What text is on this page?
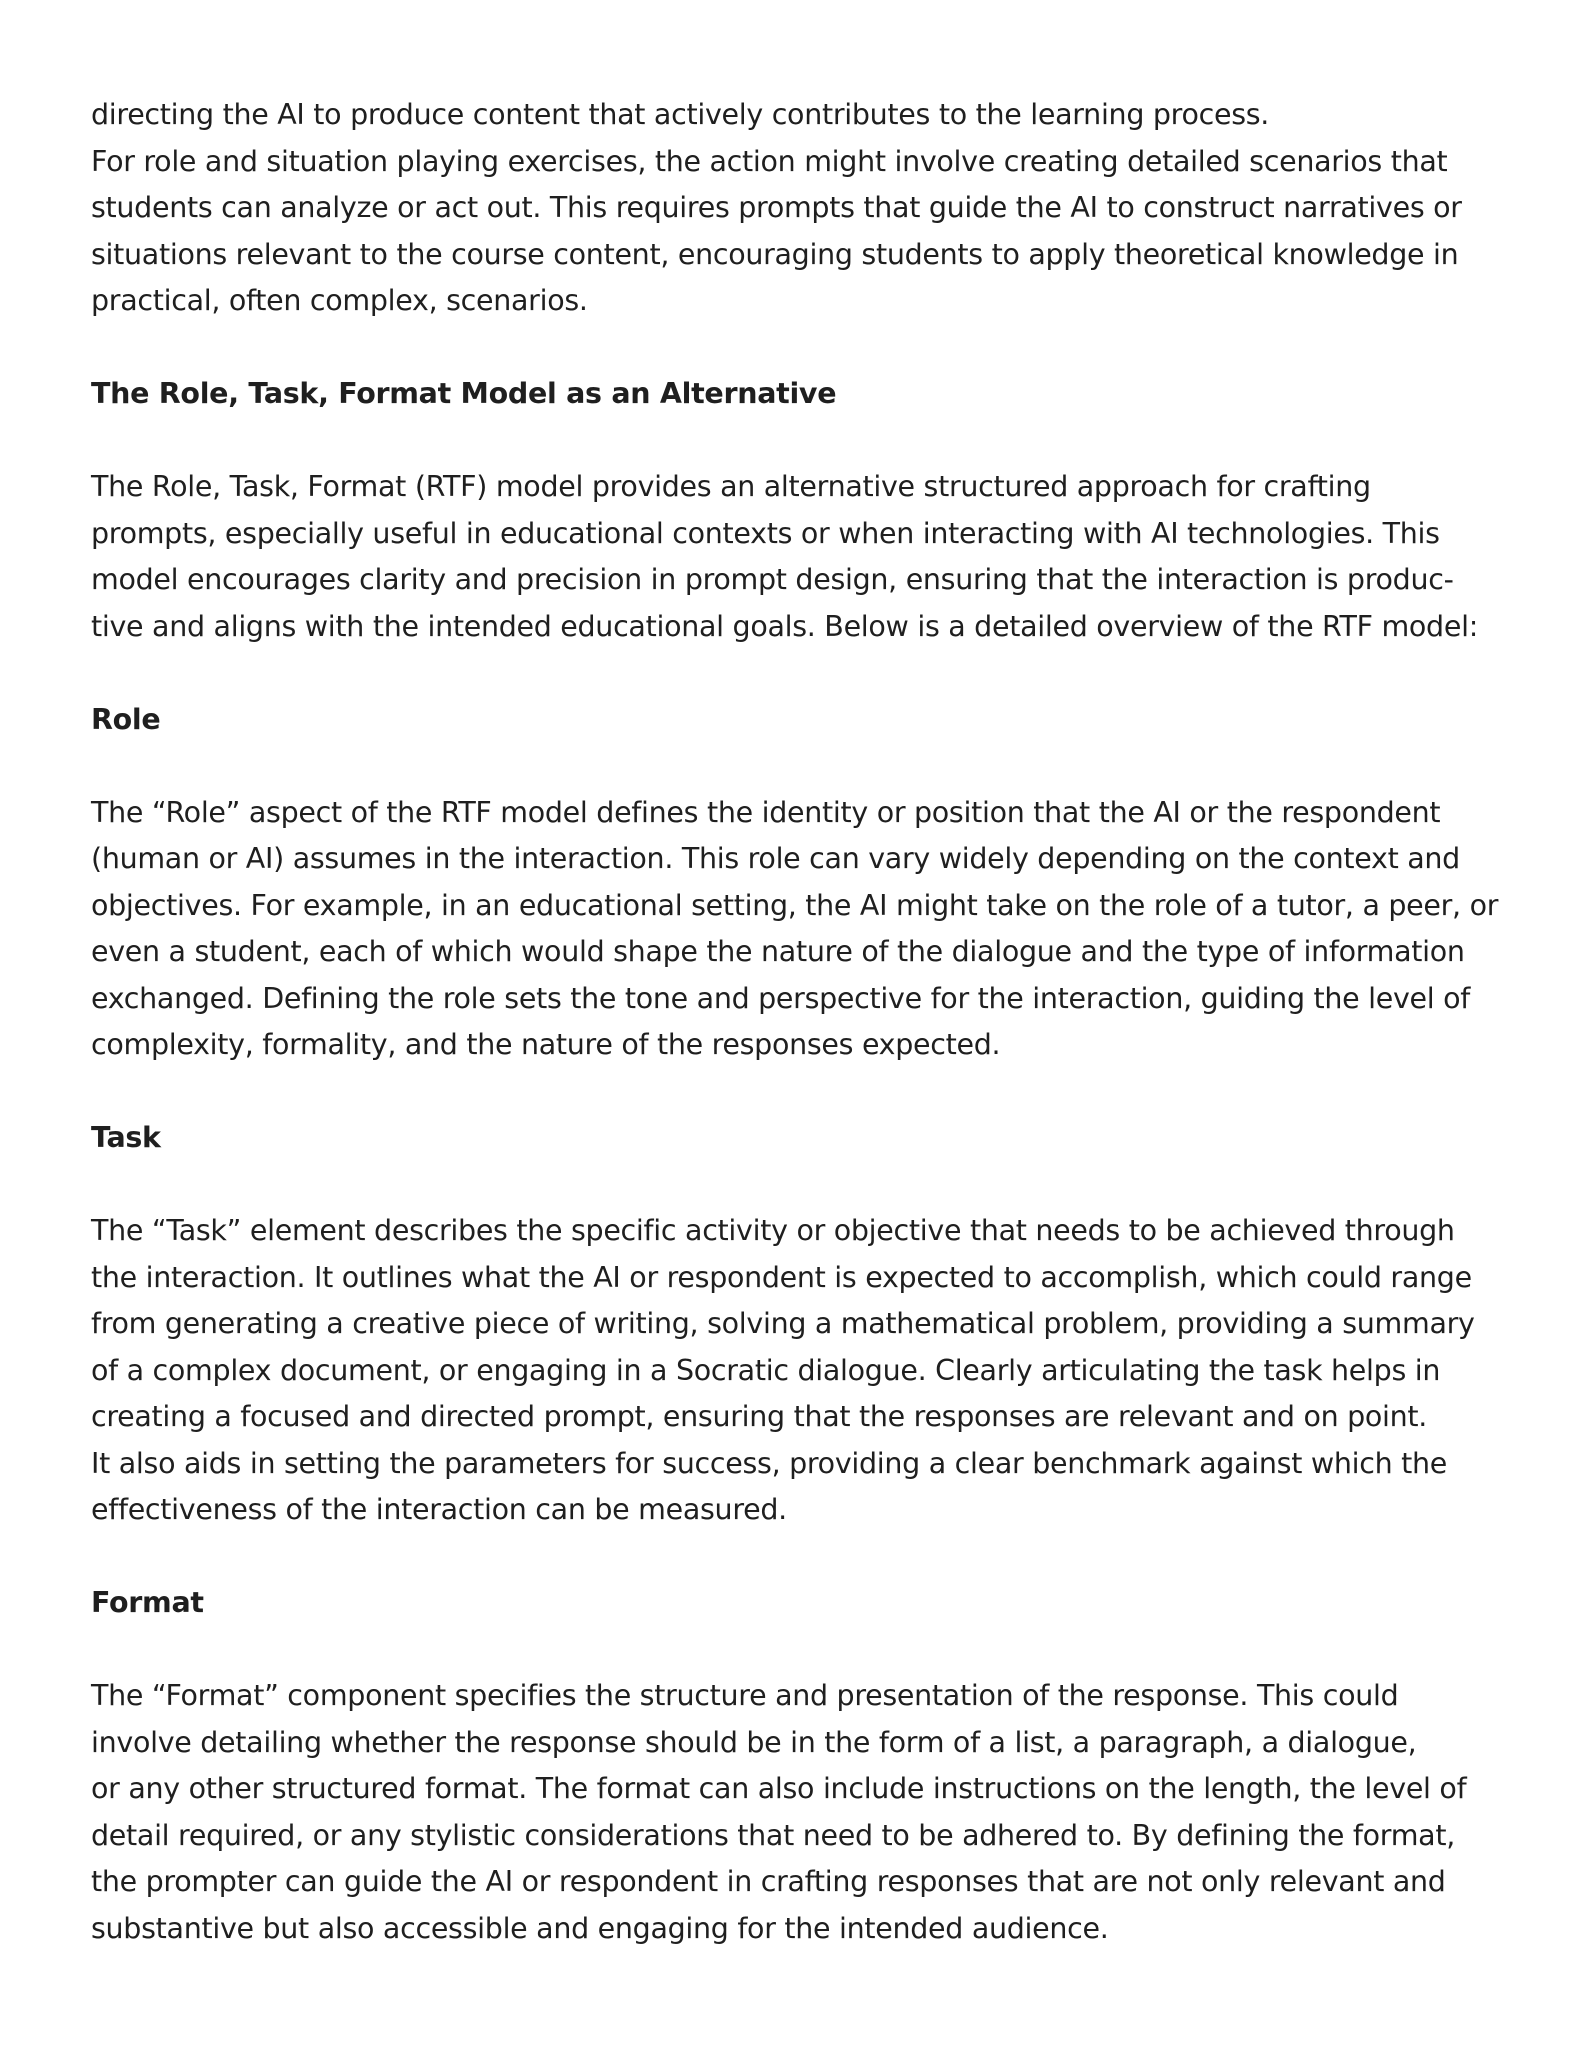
directing the AI to produce content that actively contributes to the learning process.
For role and situation playing exercises, the action might involve creating detailed scenarios that
students can analyze or act out. This requires prompts that guide the AI to construct narratives or
situations relevant to the course content, encouraging students to apply theoretical knowledge in
practical, often complex, scenarios.
The Role, Task, Format Model as an Alternative
The Role, Task, Format (RTF) model provides an alternative structured approach for crafting
prompts, especially useful in educational contexts or when interacting with AI technologies. This
model encourages clarity and precision in prompt design, ensuring that the interaction is produc-
tive and aligns with the intended educational goals. Below is a detailed overview of the RTF model:
Role
The “Role” aspect of the RTF model defines the identity or position that the AI or the respondent
(human or AI) assumes in the interaction. This role can vary widely depending on the context and
objectives. For example, in an educational setting, the AI might take on the role of a tutor, a peer, or
even a student, each of which would shape the nature of the dialogue and the type of information
exchanged. Defining the role sets the tone and perspective for the interaction, guiding the level of
complexity, formality, and the nature of the responses expected.
Task
The “Task” element describes the specific activity or objective that needs to be achieved through
the interaction. It outlines what the AI or respondent is expected to accomplish, which could range
from generating a creative piece of writing, solving a mathematical problem, providing a summary
of a complex document, or engaging in a Socratic dialogue. Clearly articulating the task helps in
creating a focused and directed prompt, ensuring that the responses are relevant and on point.
It also aids in setting the parameters for success, providing a clear benchmark against which the
effectiveness of the interaction can be measured.
Format
The “Format” component specifies the structure and presentation of the response. This could
involve detailing whether the response should be in the form of a list, a paragraph, a dialogue,
or any other structured format. The format can also include instructions on the length, the level of
detail required, or any stylistic considerations that need to be adhered to. By defining the format,
the prompter can guide the AI or respondent in crafting responses that are not only relevant and
substantive but also accessible and engaging for the intended audience.
